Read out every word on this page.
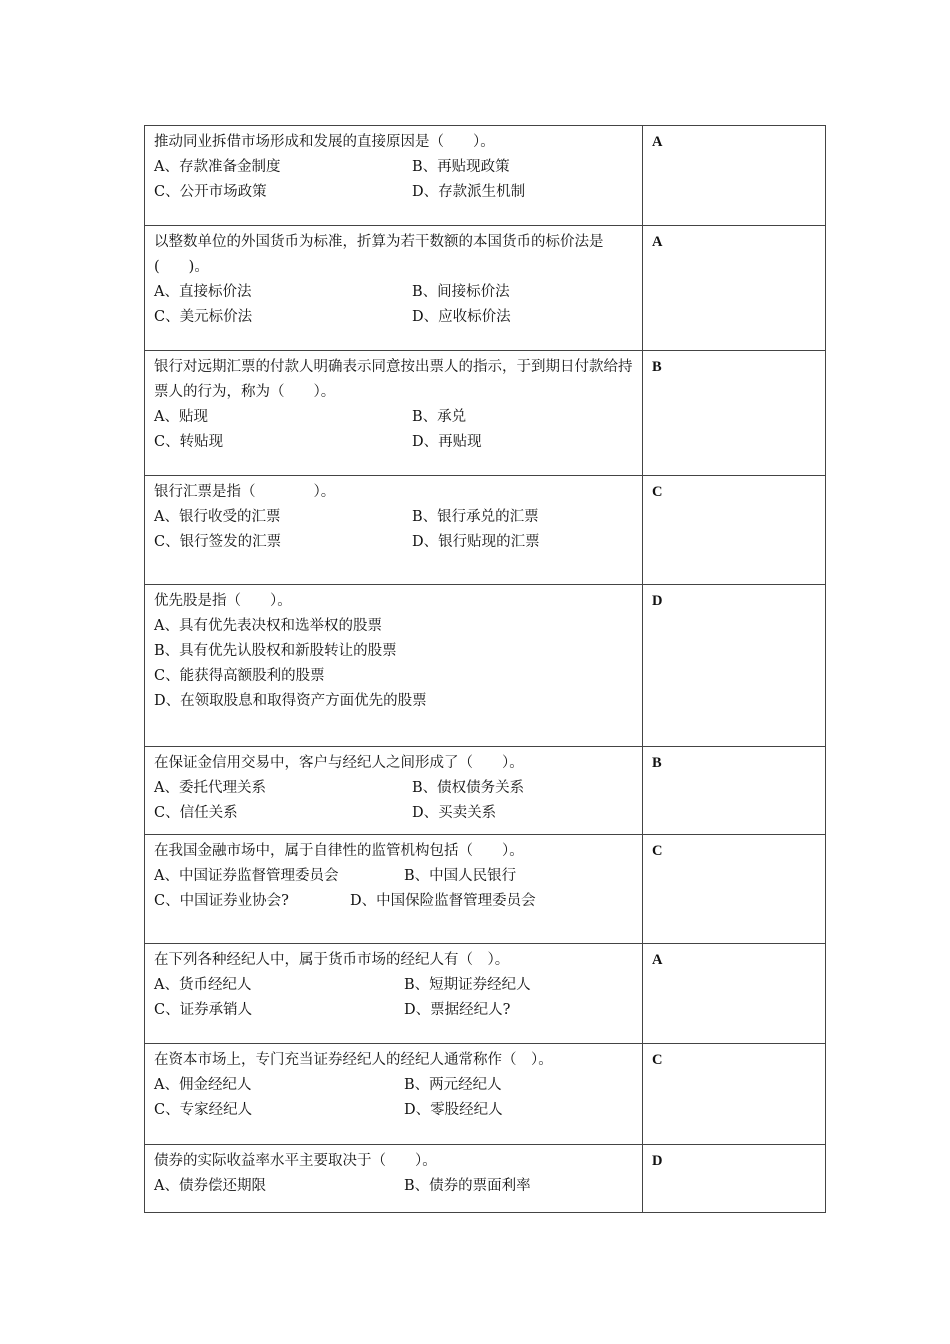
推动同业拆借市场形成和发展的直接原因是（　　）。
A、存款准备金制度 B、再贴现政策
C、公开市场政策 D、存款派生机制	A

以整数单位的外国货币为标准，折算为若干数额的本国货币的标价法是(　　)。
A、直接标价法 B、间接标价法
C、美元标价法 D、应收标价法	A

银行对远期汇票的付款人明确表示同意按出票人的指示，于到期日付款给持票人的行为，称为（　　）。
A、贴现 B、承兑
C、转贴现 D、再贴现	B

银行汇票是指（　　　　）。
A、银行收受的汇票 B、银行承兑的汇票
C、银行签发的汇票 D、银行贴现的汇票	C

优先股是指（　　）。
A、具有优先表决权和选举权的股票
B、具有优先认股权和新股转让的股票
C、能获得高额股利的股票
D、在领取股息和取得资产方面优先的股票	D

在保证金信用交易中，客户与经纪人之间形成了（　　）。
A、委托代理关系 B、债权债务关系
C、信任关系 D、买卖关系	B

在我国金融市场中，属于自律性的监管机构包括（　　）。
A、中国证券监督管理委员会 B、中国人民银行
C、中国证券业协会? D、中国保险监督管理委员会	C

在下列各种经纪人中，属于货币市场的经纪人有（　）。
A、货币经纪人 B、短期证券经纪人
C、证券承销人 D、票据经纪人?	A

在资本市场上，专门充当证券经纪人的经纪人通常称作（　）。
A、佣金经纪人 B、两元经纪人
C、专家经纪人 D、零股经纪人	C

债券的实际收益率水平主要取决于（　　）。
A、债券偿还期限 B、债券的票面利率	D
